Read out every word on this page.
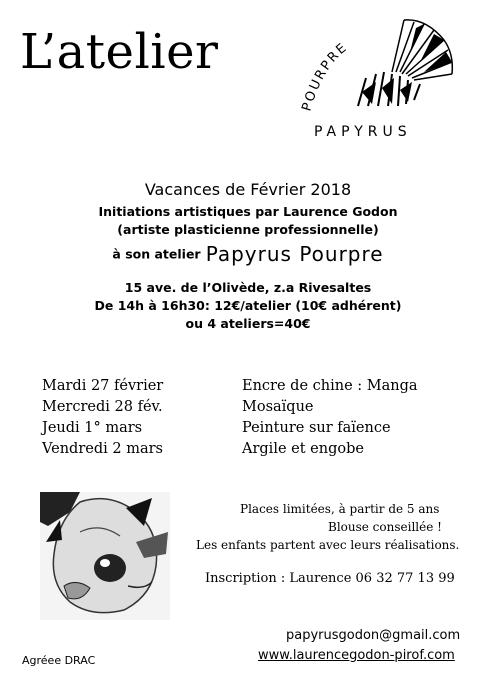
L’atelier
POURPRE
PAPYRUS
Vacances de Février 2018
Initiations artistiques par Laurence Godon
(artiste plasticienne professionnelle)
à son atelier Papyrus Pourpre
15 ave. de l’Olivède, z.a Rivesaltes
De 14h à 16h30: 12€/atelier (10€ adhérent)
ou 4 ateliers=40€
Mardi 27 février
Mercredi 28 fév.
Jeudi 1° mars
Vendredi 2 mars
Encre de chine : Manga
Mosaïque
Peinture sur faïence
Argile et engobe
Places limitées, à partir de 5 ans
Blouse conseillée !
Les enfants partent avec leurs réalisations.
Inscription : Laurence 06 32 77 13 99
papyrusgodon@gmail.com
www.laurencegodon-pirof.com
Agréee DRAC
